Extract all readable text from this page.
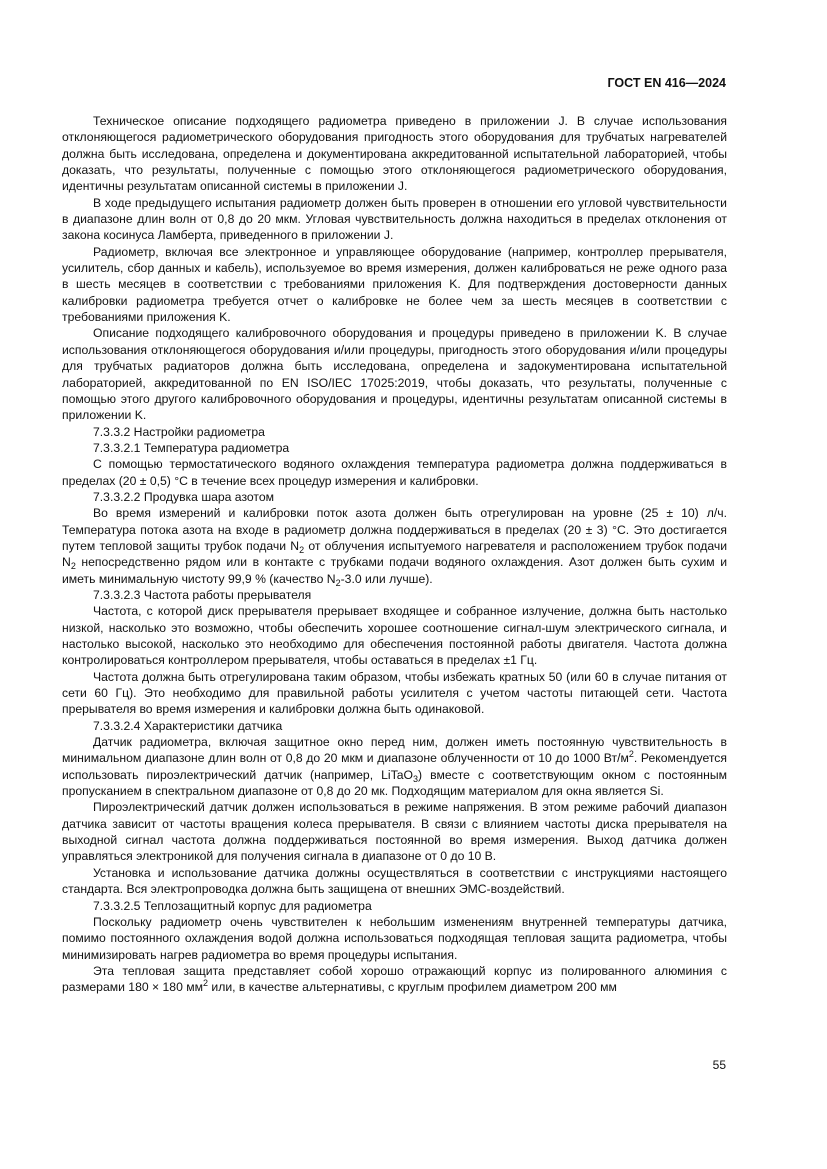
ГОСТ EN 416—2024

Техническое описание подходящего радиометра приведено в приложении J. В случае использования отклоняющегося радиометрического оборудования пригодность этого оборудования для трубчатых нагревателей должна быть исследована, определена и документирована аккредитованной испытательной лабораторией, чтобы доказать, что результаты, полученные с помощью этого отклоняющегося радиометрического оборудования, идентичны результатам описанной системы в приложении J.

В ходе предыдущего испытания радиометр должен быть проверен в отношении его угловой чувствительности в диапазоне длин волн от 0,8 до 20 мкм. Угловая чувствительность должна находиться в пределах отклонения от закона косинуса Ламберта, приведенного в приложении J.

Радиометр, включая все электронное и управляющее оборудование (например, контроллер прерывателя, усилитель, сбор данных и кабель), используемое во время измерения, должен калиброваться не реже одного раза в шесть месяцев в соответствии с требованиями приложения K. Для подтверждения достоверности данных калибровки радиометра требуется отчет о калибровке не более чем за шесть месяцев в соответствии с требованиями приложения K.

Описание подходящего калибровочного оборудования и процедуры приведено в приложении K. В случае использования отклоняющегося оборудования и/или процедуры, пригодность этого оборудования и/или процедуры для трубчатых радиаторов должна быть исследована, определена и задокументирована испытательной лабораторией, аккредитованной по EN ISO/IEC 17025:2019, чтобы доказать, что результаты, полученные с помощью этого другого калибровочного оборудования и процедуры, идентичны результатам описанной системы в приложении K.

7.3.3.2 Настройки радиометра

7.3.3.2.1 Температура радиометра

С помощью термостатического водяного охлаждения температура радиометра должна поддерживаться в пределах (20 ± 0,5) °C в течение всех процедур измерения и калибровки.

7.3.3.2.2 Продувка шара азотом

Во время измерений и калибровки поток азота должен быть отрегулирован на уровне (25 ± 10) л/ч. Температура потока азота на входе в радиометр должна поддерживаться в пределах (20 ± 3) °C. Это достигается путем тепловой защиты трубок подачи $N_2$ от облучения испытуемого нагревателя и расположением трубок подачи $N_2$ непосредственно рядом или в контакте с трубками подачи водяного охлаждения. Азот должен быть сухим и иметь минимальную чистоту 99,9 % (качество $N_2-3.0$ или лучше).

7.3.3.2.3 Частота работы прерывателя

Частота, с которой диск прерывателя прерывает входящее и собранное излучение, должна быть настолько низкой, насколько это возможно, чтобы обеспечить хорошее соотношение сигнал-шум электрического сигнала, и настолько высокой, насколько это необходимо для обеспечения постоянной работы двигателя. Частота должна контролироваться контроллером прерывателя, чтобы оставаться в пределах ±1 Гц.

Частота должна быть отрегулирована таким образом, чтобы избежать кратных 50 (или 60 в случае питания от сети 60 Гц). Это необходимо для правильной работы усилителя с учетом частоты питающей сети. Частота прерывателя во время измерения и калибровки должна быть одинаковой.

7.3.3.2.4 Характеристики датчика

Датчик радиометра, включая защитное окно перед ним, должен иметь постоянную чувствительность в минимальном диапазоне длин волн от 0,8 до 20 мкм и диапазоне облученности от 10 до 1000 $Вт/м^2$. Рекомендуется использовать пироэлектрический датчик (например, LiTaO$_3$) вместе с соответствующим окном с постоянным пропусканием в спектральном диапазоне от 0,8 до 20 мк. Подходящим материалом для окна является Si.

Пироэлектрический датчик должен использоваться в режиме напряжения. В этом режиме рабочий диапазон датчика зависит от частоты вращения колеса прерывателя. В связи с влиянием частоты диска прерывателя на выходной сигнал частота должна поддерживаться постоянной во время измерения. Выход датчика должен управляться электроникой для получения сигнала в диапазоне от 0 до 10 В.

Установка и использование датчика должны осуществляться в соответствии с инструкциями настоящего стандарта. Вся электропроводка должна быть защищена от внешних ЭМС-воздействий.

7.3.3.2.5 Теплозащитный корпус для радиометра

Поскольку радиометр очень чувствителен к небольшим изменениям внутренней температуры датчика, помимо постоянного охлаждения водой должна использоваться подходящая тепловая защита радиометра, чтобы минимизировать нагрев радиометра во время процедуры испытания.

Эта тепловая защита представляет собой хорошо отражающий корпус из полированного алюминия с размерами 180 × 180 $мм^2$ или, в качестве альтернативы, с круглым профилем диаметром 200 мм

55
